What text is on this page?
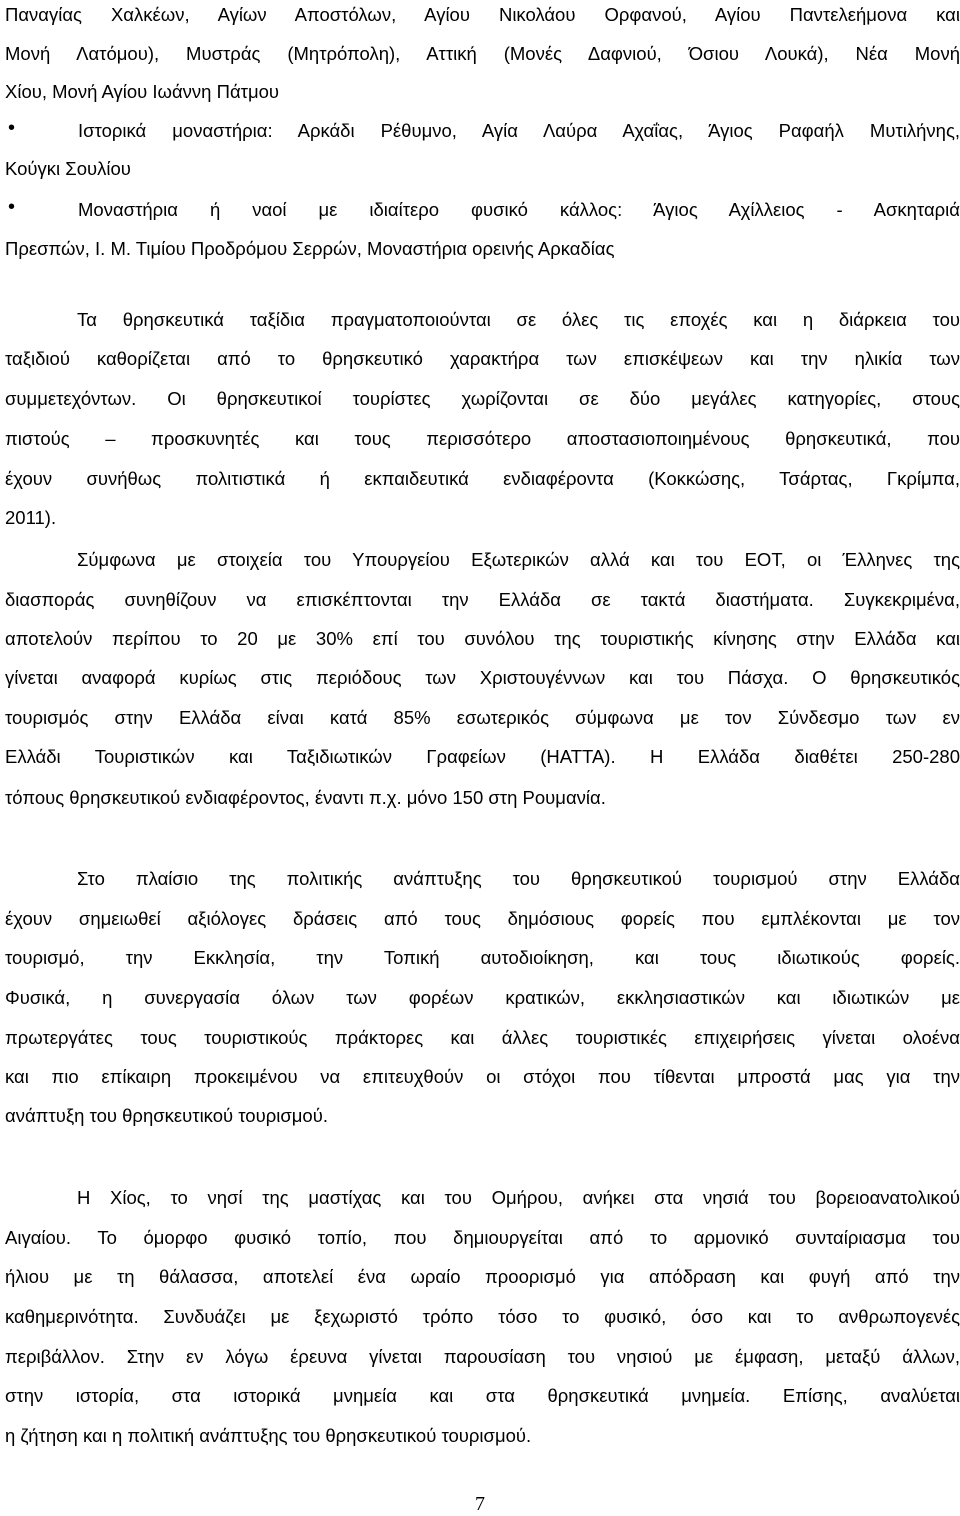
Παναγίας Χαλκέων, Αγίων Αποστόλων, Αγίου Νικολάου Ορφανού, Αγίου Παντελεήμονα και
Μονή Λατόμου), Μυστράς (Μητρόπολη), Αττική (Μονές Δαφνιού, Όσιου Λουκά), Νέα Μονή
Χίου, Μονή Αγίου Ιωάννη Πάτμου
•	Ιστορικά μοναστήρια: Αρκάδι Ρέθυμνο, Αγία Λαύρα Αχαΐας, Άγιος Ραφαήλ Μυτιλήνης,
Κούγκι Σουλίου
•	Μοναστήρια ή ναοί με ιδιαίτερο φυσικό κάλλος: Άγιος Αχίλλειος - Ασκηταριά
Πρεσπών, Ι. Μ. Τιμίου Προδρόμου Σερρών, Μοναστήρια ορεινής Αρκαδίας
Τα θρησκευτικά ταξίδια πραγματοποιούνται σε όλες τις εποχές και η διάρκεια του
ταξιδιού καθορίζεται από το θρησκευτικό χαρακτήρα των επισκέψεων και την ηλικία των
συμμετεχόντων. Οι θρησκευτικοί τουρίστες χωρίζονται σε δύο μεγάλες κατηγορίες, στους
πιστούς – προσκυνητές και τους περισσότερο αποστασιοποιημένους θρησκευτικά, που
έχουν συνήθως πολιτιστικά ή εκπαιδευτικά ενδιαφέροντα (Κοκκώσης, Τσάρτας, Γκρίμπα,
2011).
Σύμφωνα με στοιχεία του Υπουργείου Εξωτερικών αλλά και του ΕΟΤ, οι Έλληνες της
διασποράς συνηθίζουν να επισκέπτονται την Ελλάδα σε τακτά διαστήματα. Συγκεκριμένα,
αποτελούν περίπου το 20 με 30% επί του συνόλου της τουριστικής κίνησης στην Ελλάδα και
γίνεται αναφορά κυρίως στις περιόδους των Χριστουγέννων και του Πάσχα. Ο θρησκευτικός
τουρισμός στην Ελλάδα είναι κατά 85% εσωτερικός σύμφωνα με τον Σύνδεσμο των εν
Ελλάδι Τουριστικών και Ταξιδιωτικών Γραφείων (HATTA). Η Ελλάδα διαθέτει 250-280
τόπους θρησκευτικού ενδιαφέροντος, έναντι π.χ. μόνο 150 στη Ρουμανία.
Στο πλαίσιο της πολιτικής ανάπτυξης του θρησκευτικού τουρισμού στην Ελλάδα
έχουν σημειωθεί αξιόλογες δράσεις από τους δημόσιους φορείς που εμπλέκονται με τον
τουρισμό, την Εκκλησία, την Τοπική αυτοδιοίκηση, και τους ιδιωτικούς φορείς.
Φυσικά, η συνεργασία όλων των φορέων κρατικών, εκκλησιαστικών και ιδιωτικών με
πρωτεργάτες τους τουριστικούς πράκτορες και άλλες τουριστικές επιχειρήσεις γίνεται ολοένα
και πιο επίκαιρη προκειμένου να επιτευχθούν οι στόχοι που τίθενται μπροστά μας για την
ανάπτυξη του θρησκευτικού τουρισμού.
Η Χίος, το νησί της μαστίχας και του Ομήρου, ανήκει στα νησιά του βορειοανατολικού
Αιγαίου. Το όμορφο φυσικό τοπίο, που δημιουργείται από το αρμονικό συνταίριασμα του
ήλιου με τη θάλασσα, αποτελεί ένα ωραίο προορισμό για απόδραση και φυγή από την
καθημερινότητα. Συνδυάζει με ξεχωριστό τρόπο τόσο το φυσικό, όσο και το ανθρωπογενές
περιβάλλον. Στην εν λόγω έρευνα γίνεται παρουσίαση του νησιού με έμφαση, μεταξύ άλλων,
στην ιστορία, στα ιστορικά μνημεία και στα θρησκευτικά μνημεία. Επίσης, αναλύεται
η ζήτηση και η πολιτική ανάπτυξης του θρησκευτικού τουρισμού.
7
